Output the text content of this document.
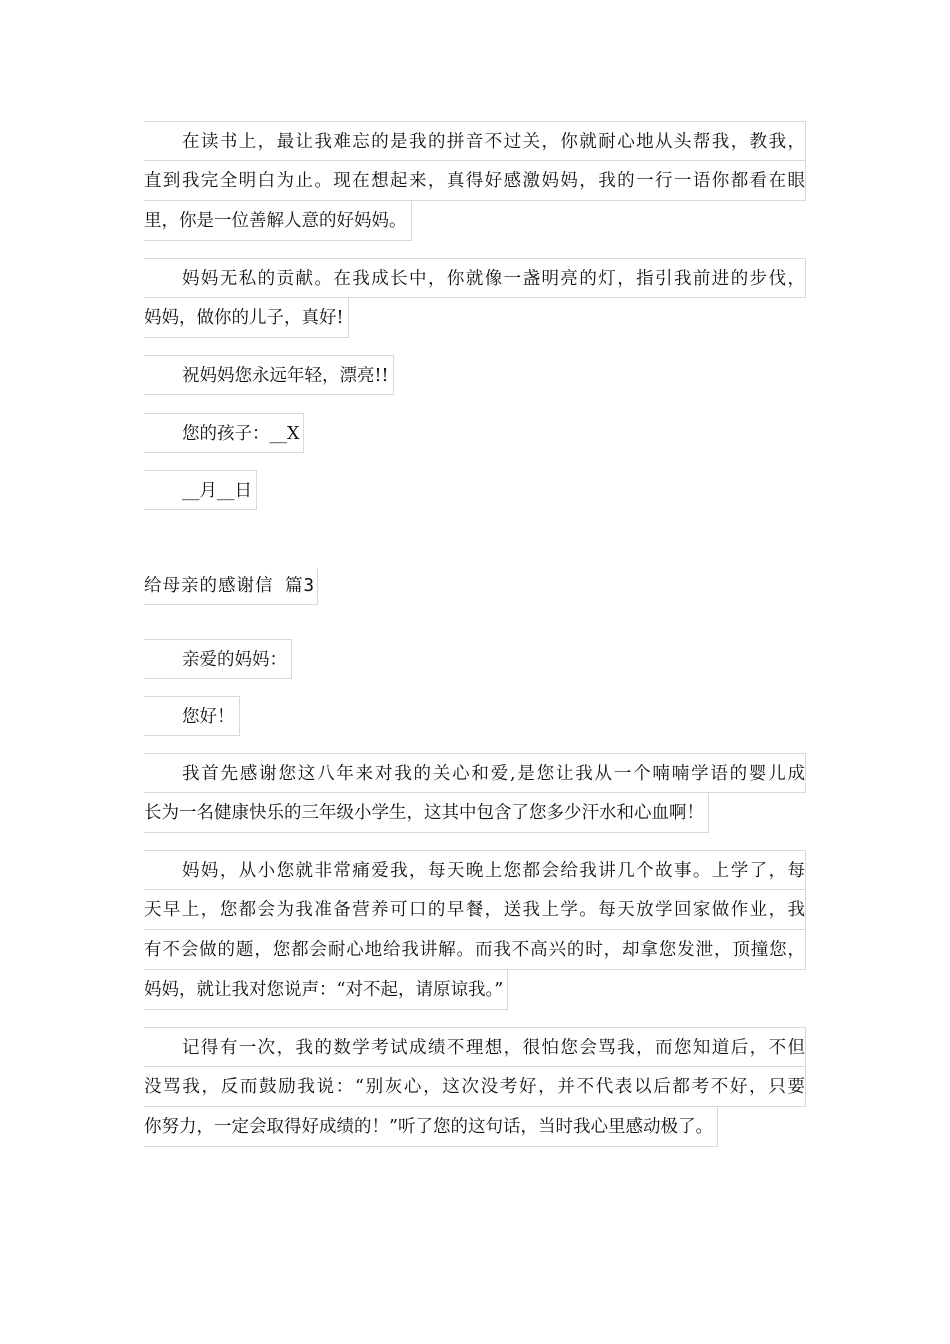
在读书上，最让我难忘的是我的拼音不过关，你就耐心地从头帮我，教我，
直到我完全明白为止。现在想起来，真得好感激妈妈，我的一行一语你都看在眼
里，你是一位善解人意的好妈妈。
妈妈无私的贡献。在我成长中，你就像一盏明亮的灯，指引我前进的步伐，
妈妈，做你的儿子，真好!
祝妈妈您永远年轻，漂亮!!
您的孩子：__X
__月__日
给母亲的感谢信 篇3
亲爱的妈妈：
您好！
我首先感谢您这八年来对我的关心和爱,是您让我从一个喃喃学语的婴儿成
长为一名健康快乐的三年级小学生，这其中包含了您多少汗水和心血啊！
妈妈，从小您就非常痛爱我，每天晚上您都会给我讲几个故事。上学了，每
天早上，您都会为我准备营养可口的早餐，送我上学。每天放学回家做作业，我
有不会做的题，您都会耐心地给我讲解。而我不高兴的时，却拿您发泄，顶撞您，
妈妈，就让我对您说声：“对不起，请原谅我。”
记得有一次，我的数学考试成绩不理想，很怕您会骂我，而您知道后，不但
没骂我，反而鼓励我说：“别灰心，这次没考好，并不代表以后都考不好，只要
你努力，一定会取得好成绩的！”听了您的这句话，当时我心里感动极了。
